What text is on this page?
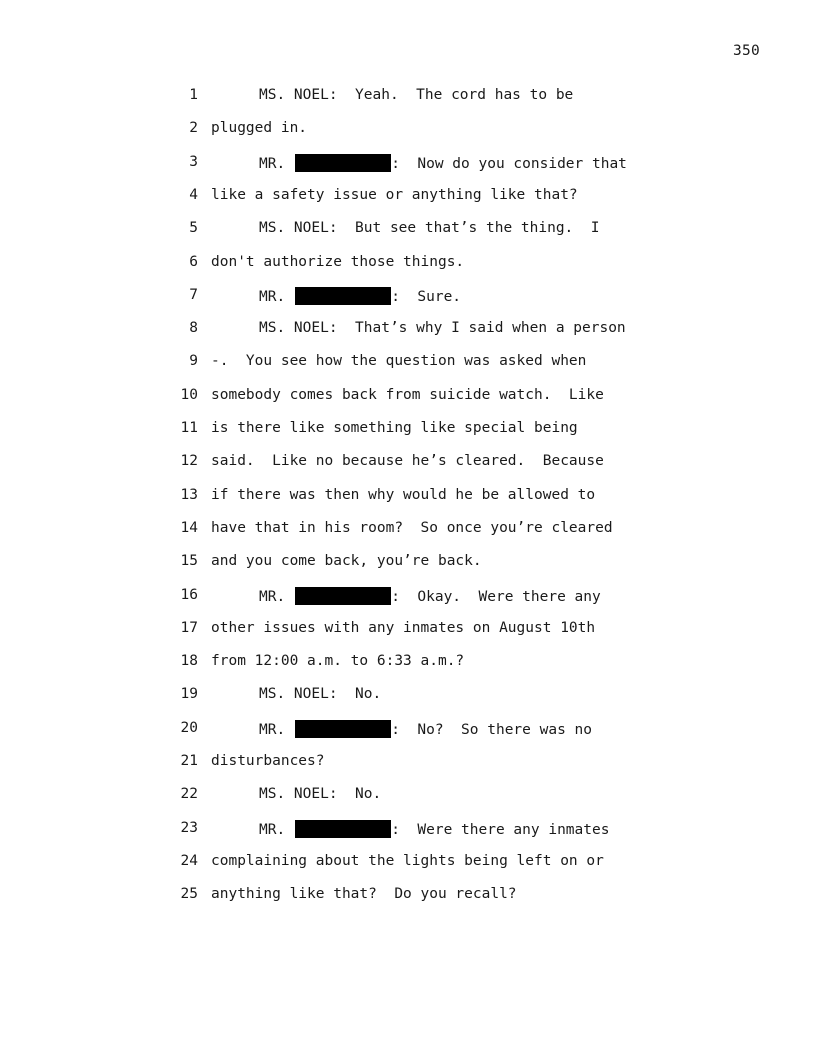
350
1	MS. NOEL:  Yeah.  The cord has to be
2 plugged in.
3	MR.	:  Now do you consider that
4 like a safety issue or anything like that?
5	MS. NOEL:  But see that’s the thing.  I
6 don't authorize those things.
7	MR.	:  Sure.
8	MS. NOEL:  That’s why I said when a person
9 -.  You see how the question was asked when
10 somebody comes back from suicide watch.  Like
11 is there like something like special being
12 said.  Like no because he’s cleared.  Because
13 if there was then why would he be allowed to
14 have that in his room?  So once you’re cleared
15 and you come back, you’re back.
16	MR.	:  Okay.  Were there any
17 other issues with any inmates on August 10th
18 from 12:00 a.m. to 6:33 a.m.?
19	MS. NOEL:  No.
20	MR.	:  No?  So there was no
21 disturbances?
22	MS. NOEL:  No.
23	MR.	:  Were there any inmates
24 complaining about the lights being left on or
25 anything like that?  Do you recall?
